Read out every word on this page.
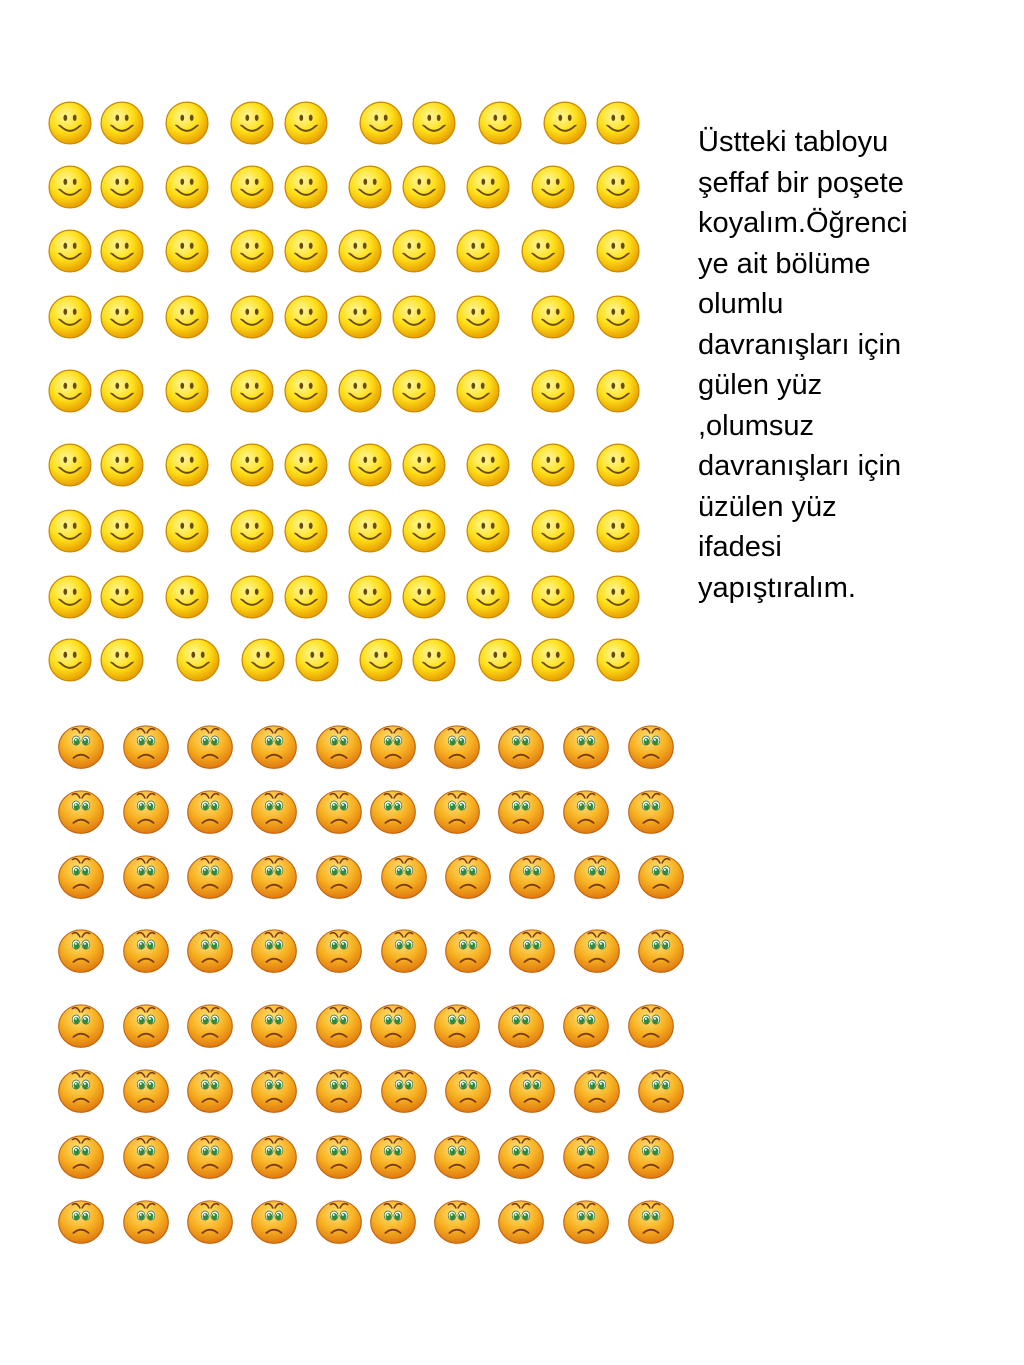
Üstteki tabloyu
şeffaf bir poşete
koyalım.Öğrenci
ye ait bölüme
olumlu
davranışları için
gülen yüz
,olumsuz
davranışları için
üzülen yüz
ifadesi
yapıştıralım.
